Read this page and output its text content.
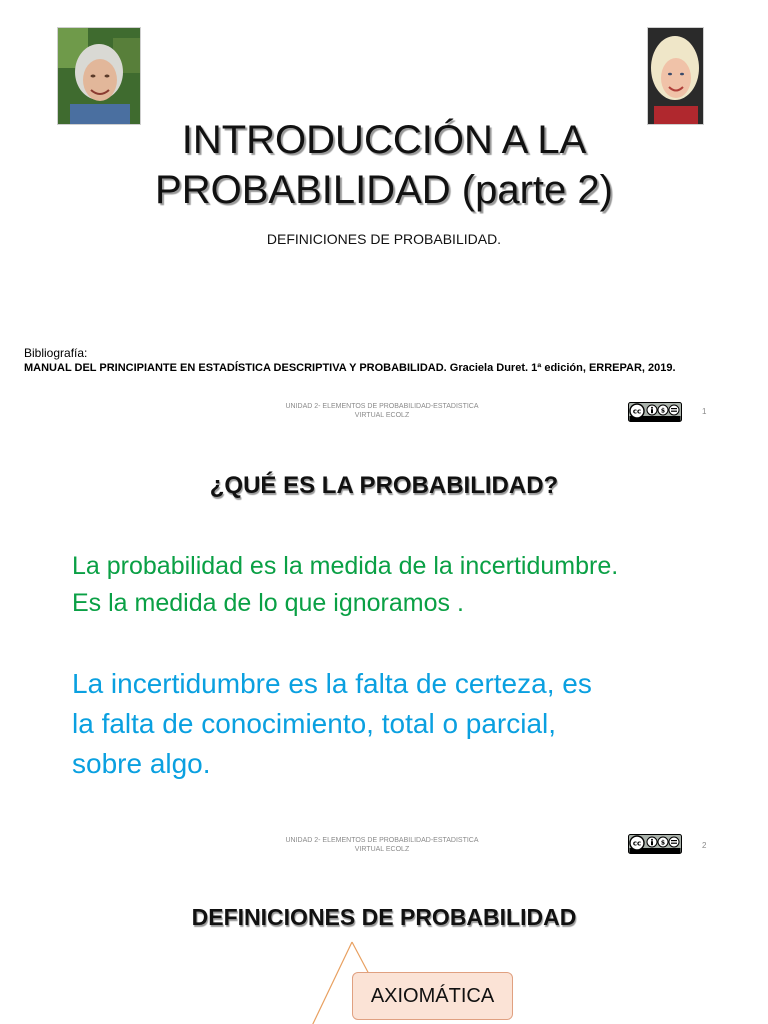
INTRODUCCIÓN A LA
PROBABILIDAD (parte 2)
DEFINICIONES DE PROBABILIDAD.
Bibliografía:
MANUAL DEL PRINCIPIANTE EN ESTADÍSTICA DESCRIPTIVA Y PROBABILIDAD. Graciela Duret. 1ª edición, ERREPAR, 2019.
UNIDAD 2- ELEMENTOS DE PROBABILIDAD-ESTADISTICA
VIRTUAL ECOLZ	cc	$	1
¿QUÉ ES LA PROBABILIDAD?
La probabilidad es la medida de la incertidumbre.
Es la medida de lo que ignoramos .
La incertidumbre es la falta de certeza, es
la falta de conocimiento, total o parcial,
sobre algo.
UNIDAD 2- ELEMENTOS DE PROBABILIDAD-ESTADISTICA
VIRTUAL ECOLZ
cc	$	2
DEFINICIONES DE PROBABILIDAD
AXIOMÁTICA
